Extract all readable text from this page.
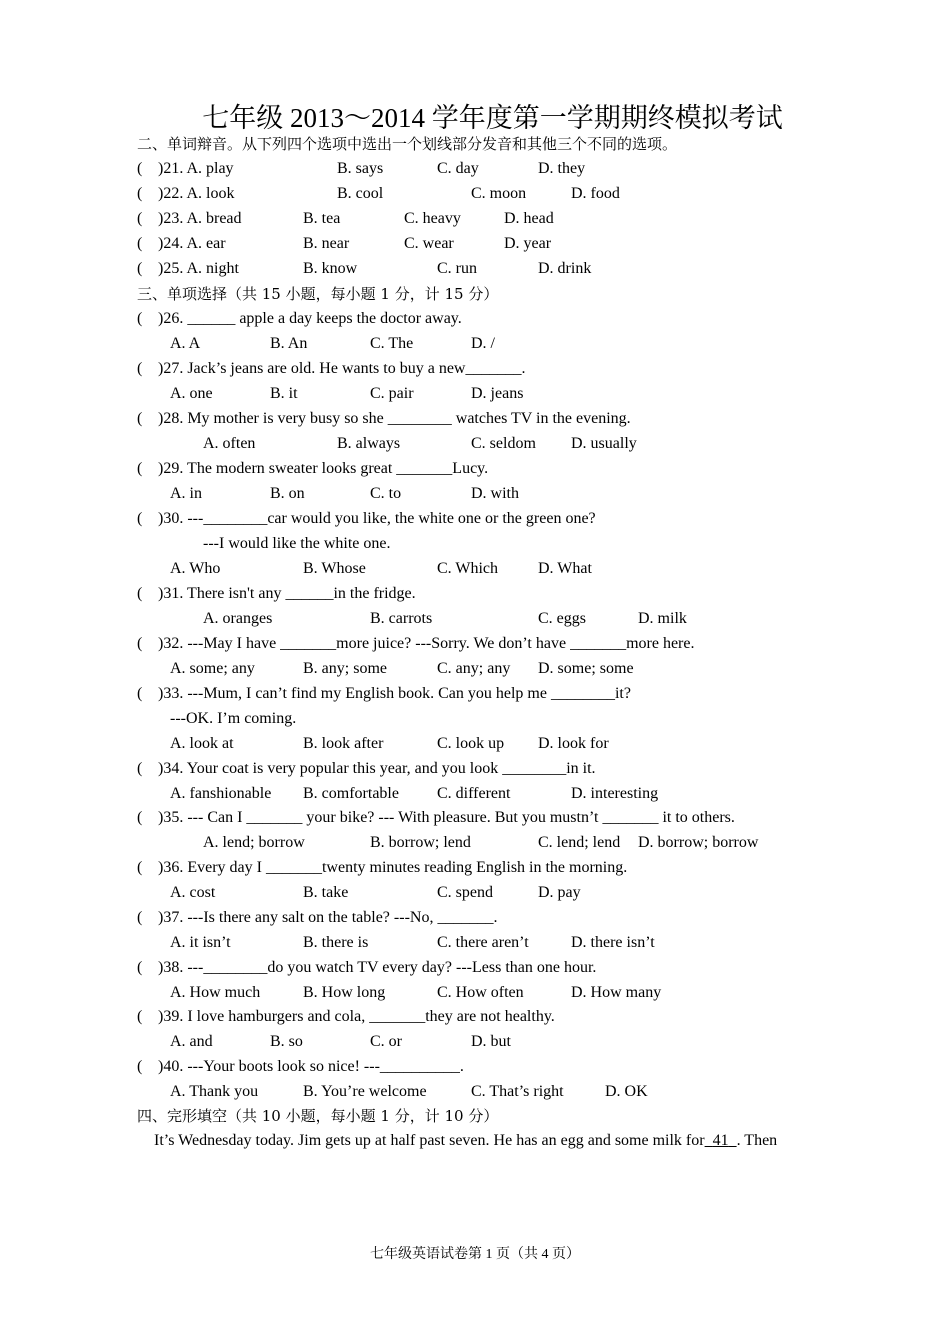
七年级 2013～2014 学年度第一学期期终模拟考试
二、单词辩音。从下列四个选项中选出一个划线部分发音和其他三个不同的选项。
( )21. A. play	B. says	C. day	D. they
( )22. A. look	B. cool	C. moon	D. food
( )23. A. bread	B. tea	C. heavy	D. head
( )24. A. ear	B. near	C. wear	D. year
( )25. A. night	B. know	C. run	D. drink
三、单项选择（共 15 小题，每小题 1 分，计 15 分）
( )26. ______ apple a day keeps the doctor away.
A. A	B. An	C. The	D. /
( )27. Jack’s jeans are old. He wants to buy a new_______.
A. one	B. it	C. pair	D. jeans
( )28. My mother is very busy so she ________ watches TV in the evening.
A. often	B. always	C. seldom D. usually
( )29. The modern sweater looks great _______Lucy.
A. in	B. on	C. to	D. with
( )30. ---________car would you like, the white one or the green one?
---I would like the white one.
A. Who	B. Whose	C. Which D. What
( )31. There isn't any ______in the fridge.
A. oranges	B. carrots	C. eggs	D. milk
( )32. ---May I have _______more juice? ---Sorry. We don’t have _______more here.
A. some; any	B. any; some	C. any; any D. some; some
( )33. ---Mum, I can’t find my English book. Can you help me ________it?
---OK. I’m coming.
A. look at	B. look after	C. look up D. look for
( )34. Your coat is very popular this year, and you look ________in it.
A. fanshionable B. comfortable C. different	D. interesting
( )35. --- Can I _______ your bike? --- With pleasure. But you mustn’t _______ it to others.
A. lend; borrow	B. borrow; lend	C. lend; lend D. borrow; borrow
( )36. Every day I _______twenty minutes reading English in the morning.
A. cost	B. take	C. spend	D. pay
( )37. ---Is there any salt on the table? ---No, _______.
A. it isn’t	B. there is	C. there aren’t	D. there isn’t
( )38. ---________do you watch TV every day? ---Less than one hour.
A. How much	B. How long	C. How often	D. How many
( )39. I love hamburgers and cola, _______they are not healthy.
A. and	B. so	C. or	D. but
( )40. ---Your boots look so nice! ---__________.
A. Thank you	B. You’re welcome	C. That’s right	D. OK
四、完形填空（共 10 小题，每小题 1 分，计 10 分）
It’s Wednesday today. Jim gets up at half past seven. He has an egg and some milk for 41 . Then
七年级英语试卷第 1 页（共 4 页）
